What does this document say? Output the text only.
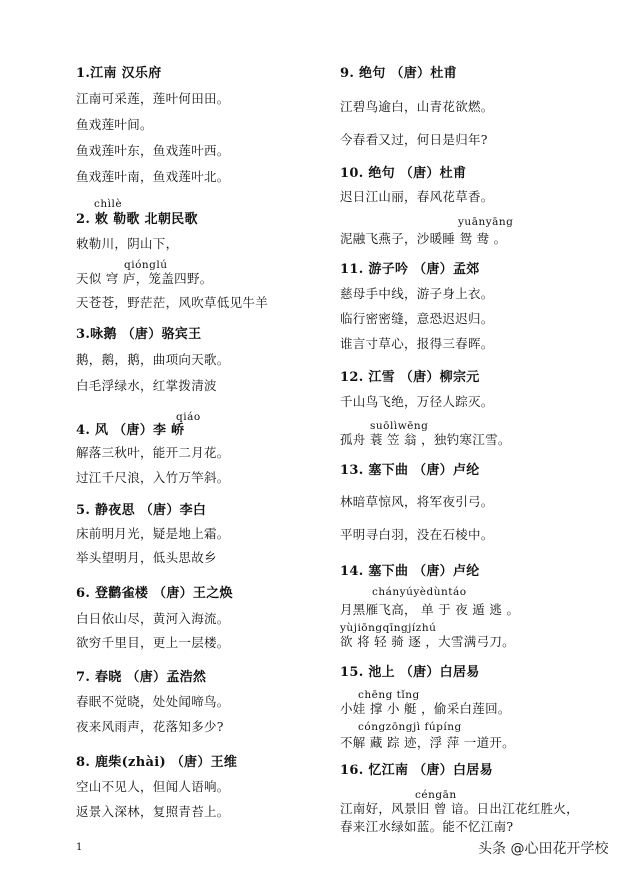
1.江南 汉乐府
江南可采莲，莲叶何田田。
鱼戏莲叶间。
鱼戏莲叶东，鱼戏莲叶西。
鱼戏莲叶南，鱼戏莲叶北。
chìlè
2. 敕 勒歌 北朝民歌
敕勒川，阴山下，
qiónglú
天似 穹 庐，笼盖四野。
天苍苍，野茫茫，风吹草低见牛羊
3.咏鹅 （唐）骆宾王
鹅，鹅，鹅，曲项向天歌。
白毛浮绿水，红掌拨清波
qiáo
4. 风 （唐）李 峤
解落三秋叶，能开二月花。
过江千尺浪，入竹万竿斜。
5. 静夜思 （唐）李白
床前明月光，疑是地上霜。
举头望明月，低头思故乡
6. 登鹳雀楼 （唐）王之焕
白日依山尽，黄河入海流。
欲穷千里目，更上一层楼。
7. 春晓 （唐）孟浩然
春眠不觉晓，处处闻啼鸟。
夜来风雨声，花落知多少?
8. 鹿柴(zhài) （唐）王维
空山不见人，但闻人语响。
返景入深林，复照青苔上。
9. 绝句 （唐）杜甫
江碧鸟逾白，山青花欲燃。
今春看又过，何日是归年?
10. 绝句 （唐）杜甫
迟日江山丽，春风花草香。
yuānyāng
泥融飞燕子，沙暖睡 鸳 鸯 。
11. 游子吟 （唐）孟郊
慈母手中线，游子身上衣。
临行密密缝，意恐迟迟归。
谁言寸草心，报得三春晖。
12. 江雪 （唐）柳宗元
千山鸟飞绝，万径人踪灭。
suōlìwēng
孤舟 蓑 笠 翁 ，独钓寒江雪。
13. 塞下曲 （唐）卢纶
林暗草惊风，将军夜引弓。
平明寻白羽，没在石棱中。
14. 塞下曲 （唐）卢纶
chányúyèdùntáo
月黑雁飞高， 单 于 夜 遁 逃 。
yùjiōngqīngjízhú
欲 将 轻 骑 逐 ，大雪满弓刀。
15. 池上 （唐）白居易
chēng tǐng
小娃 撑 小 艇 ，偷采白莲回。
cóngzōngjì fúpíng
不解 藏 踪 迹，浮 萍 一道开。
16. 忆江南 （唐）白居易
céngān
江南好，风景旧 曾 谙。日出江花红胜火，
春来江水绿如蓝。能不忆江南?
1	头条 @心田花开学校
